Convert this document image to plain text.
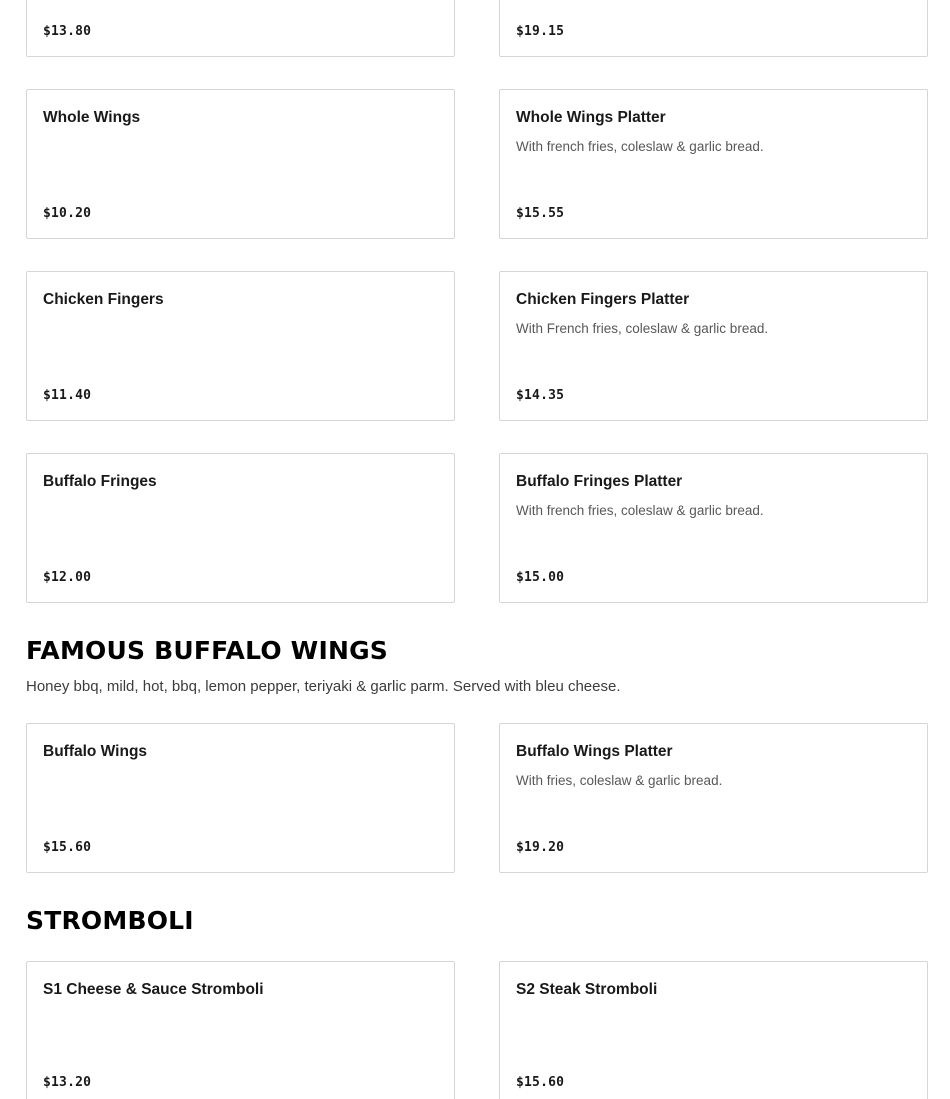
$13.80	$19.15
Whole Wings
$10.20
Whole Wings Platter
With french fries, coleslaw & garlic bread.
$15.55
Chicken Fingers
$11.40
Chicken Fingers Platter
With French fries, coleslaw & garlic bread.
$14.35
Buffalo Fringes
$12.00
Buffalo Fringes Platter
With french fries, coleslaw & garlic bread.
$15.00
FAMOUS BUFFALO WINGS
Honey bbq, mild, hot, bbq, lemon pepper, teriyaki & garlic parm. Served with bleu cheese.
Buffalo Wings
$15.60
Buffalo Wings Platter
With fries, coleslaw & garlic bread.
$19.20
STROMBOLI
S1 Cheese & Sauce Stromboli
$13.20
S2 Steak Stromboli
$15.60
